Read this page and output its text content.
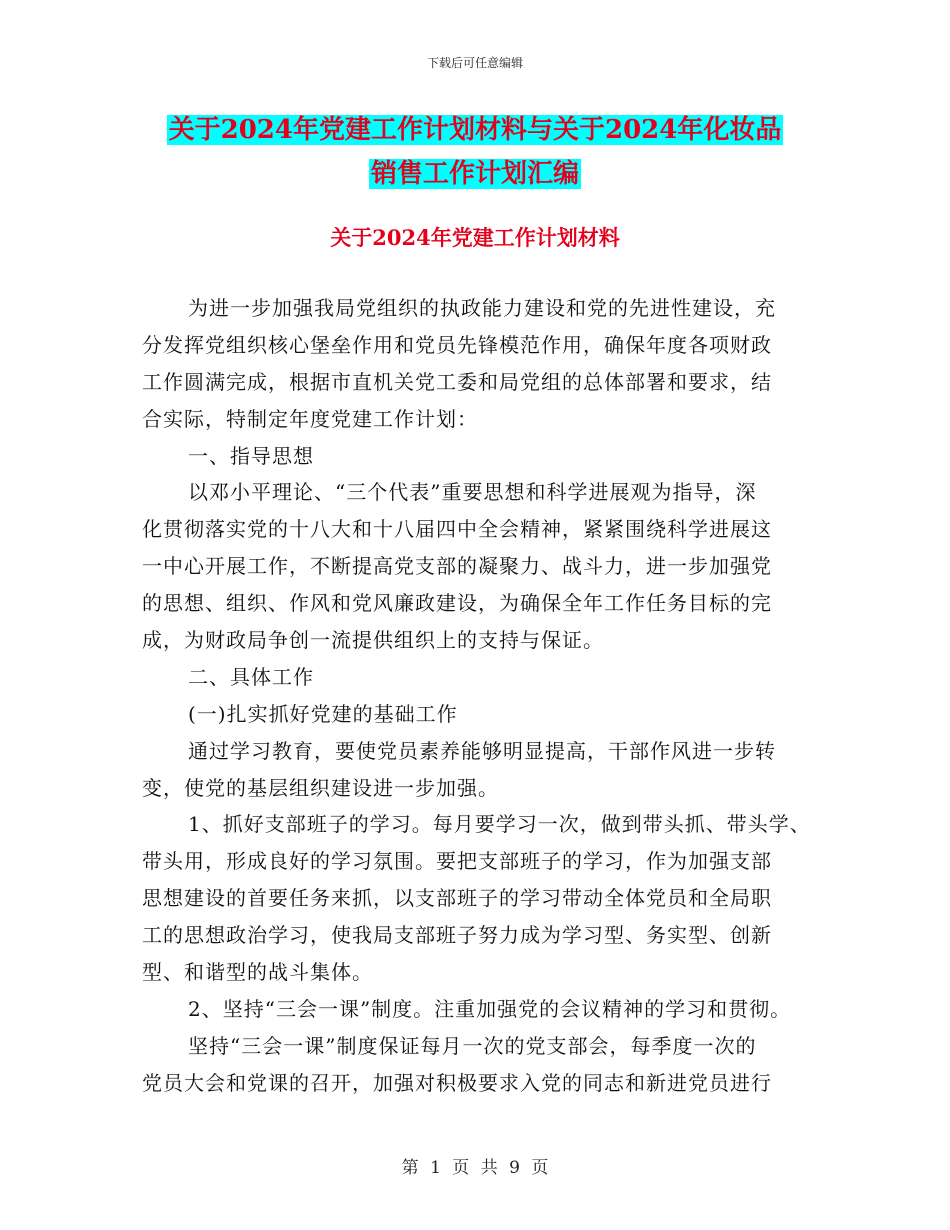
下载后可任意编辑
关于2024年党建工作计划材料与关于2024年化妆品
销售工作计划汇编
关于2024年党建工作计划材料
为进一步加强我局党组织的执政能力建设和党的先进性建设，充
分发挥党组织核心堡垒作用和党员先锋模范作用，确保年度各项财政
工作圆满完成，根据市直机关党工委和局党组的总体部署和要求，结
合实际，特制定年度党建工作计划：
一、指导思想
以邓小平理论、“三个代表”重要思想和科学进展观为指导，深
化贯彻落实党的十八大和十八届四中全会精神，紧紧围绕科学进展这
一中心开展工作，不断提高党支部的凝聚力、战斗力，进一步加强党
的思想、组织、作风和党风廉政建设，为确保全年工作任务目标的完
成，为财政局争创一流提供组织上的支持与保证。
二、具体工作
(一)扎实抓好党建的基础工作
通过学习教育，要使党员素养能够明显提高，干部作风进一步转
变，使党的基层组织建设进一步加强。
1、抓好支部班子的学习。每月要学习一次，做到带头抓、带头学、
带头用，形成良好的学习氛围。要把支部班子的学习，作为加强支部
思想建设的首要任务来抓，以支部班子的学习带动全体党员和全局职
工的思想政治学习，使我局支部班子努力成为学习型、务实型、创新
型、和谐型的战斗集体。
2、坚持“三会一课”制度。注重加强党的会议精神的学习和贯彻。
坚持“三会一课”制度保证每月一次的党支部会，每季度一次的
党员大会和党课的召开，加强对积极要求入党的同志和新进党员进行
第 1 页 共 9 页
